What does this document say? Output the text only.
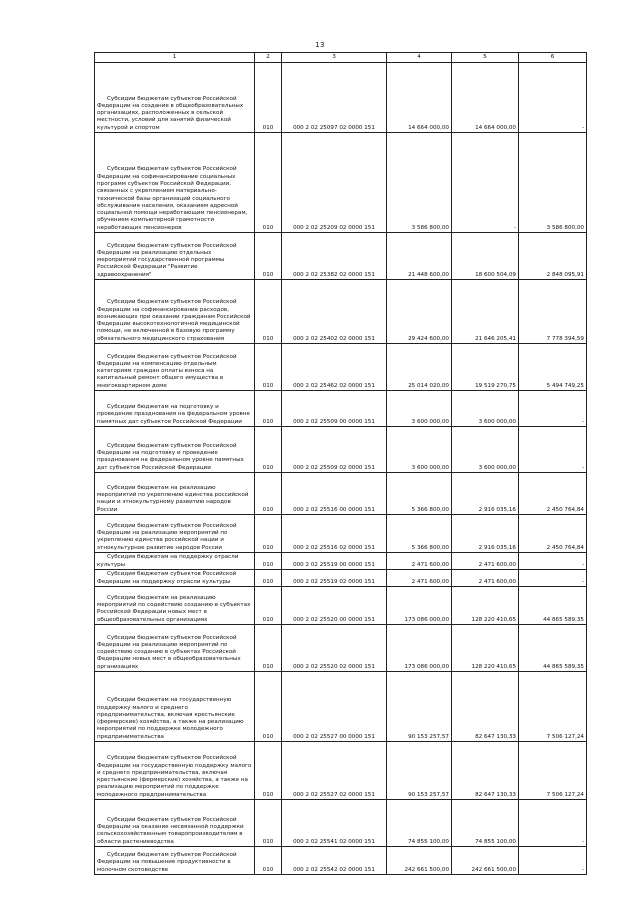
13
1	2	3	4	5	6
Субсидии бюджетам субъектов Российской Федерации на создание в общеобразовательных организациях, расположенных в сельской местности, условий для занятий физической культурой и спортом	010	000 2 02 25097 02 0000 151	14 664 000,00	14 664 000,00	-
Субсидии бюджетам субъектов Российской Федерации на софинансирование социальных программ субъектов Российской Федерации, связанных с укреплением материально-технической базы организаций социального обслуживания населения, оказанием адресной социальной помощи неработающим пенсионерам, обучением компьютерной грамотности неработающих пенсионеров	010	000 2 02 25209 02 0000 151	3 586 800,00	-	3 586 800,00
Субсидии бюджетам субъектов Российской Федерации на реализацию отдельных мероприятий государственной программы Российской Федерации "Развитие здравоохранения"	010	000 2 02 25382 02 0000 151	21 448 600,00	18 600 504,09	2 848 095,91
Субсидии бюджетам субъектов Российской Федерации на софинансирование расходов, возникающих при оказании гражданам Российской Федерации высокотехнологичной медицинской помощи, не включенной в базовую программу обязательного медицинского страхования	010	000 2 02 25402 02 0000 151	29 424 600,00	21 646 205,41	7 778 394,59
Субсидии бюджетам субъектов Российской Федерации на компенсацию отдельным категориям граждан оплаты взноса на капитальный ремонт общего имущества в многоквартирном доме	010	000 2 02 25462 02 0000 151	25 014 020,00	19 519 270,75	5 494 749,25
Субсидии бюджетам на подготовку и проведение празднования на федеральном уровне памятных дат субъектов Российской Федерации	010	000 2 02 25509 00 0000 151	3 600 000,00	3 600 000,00	-
Субсидии бюджетам субъектов Российской Федерации на подготовку и проведение празднования на федеральном уровне памятных дат субъектов Российской Федерации	010	000 2 02 25509 02 0000 151	3 600 000,00	3 600 000,00	-
Субсидии бюджетам на реализацию мероприятий по укреплению единства российской нации и этнокультурному развитию народов России	010	000 2 02 25516 00 0000 151	5 366 800,00	2 916 035,16	2 450 764,84
Субсидии бюджетам субъектов Российской Федерации на реализацию мероприятий по укреплению единства российской нации и этнокультурное развитие народов России	010	000 2 02 25516 02 0000 151	5 366 800,00	2 916 035,16	2 450 764,84
Субсидия бюджетам на поддержку отрасли культуры	010	000 2 02 25519 00 0000 151	2 471 600,00	2 471 600,00	-
Субсидия бюджетам субъектов Российской Федерации на поддержку отрасли культуры	010	000 2 02 25519 02 0000 151	2 471 600,00	2 471 600,00	-
Субсидии бюджетам на реализацию мероприятий по содействию созданию в субъектах Российской Федерации новых мест в общеобразовательных организациях	010	000 2 02 25520 00 0000 151	173 086 000,00	128 220 410,65	44 865 589,35
Субсидии бюджетам субъектов Российской Федерации на реализацию мероприятий по содействию созданию в субъектах Российской Федерации новых мест в общеобразовательных организациях	010	000 2 02 25520 02 0000 151	173 086 000,00	128 220 410,65	44 865 589,35
Субсидии бюджетам на государственную поддержку малого и среднего предпринимательства, включая крестьянские (фермерские) хозяйства, а также на реализацию мероприятий по поддержке молодежного предпринимательства	010	000 2 02 25527 00 0000 151	90 153 257,57	82 647 130,33	7 506 127,24
Субсидии бюджетам субъектов Российской Федерации на государственную поддержку малого и среднего предпринимательства, включая крестьянские (фермерские) хозяйства, а также на реализацию мероприятий по поддержке молодежного предпринимательства	010	000 2 02 25527 02 0000 151	90 153 257,57	82 647 130,33	7 506 127,24
Субсидии бюджетам субъектов Российской Федерации на оказание несвязанной поддержки сельскохозяйственным товаропроизводителям в области растениеводства	010	000 2 02 25541 02 0000 151	74 855 100,00	74 855 100,00	-
Субсидии бюджетам субъектов Российской Федерации на повышение продуктивности в молочном скотоводстве	010	000 2 02 25542 02 0000 151	242 661 500,00	242 661 500,00	-
